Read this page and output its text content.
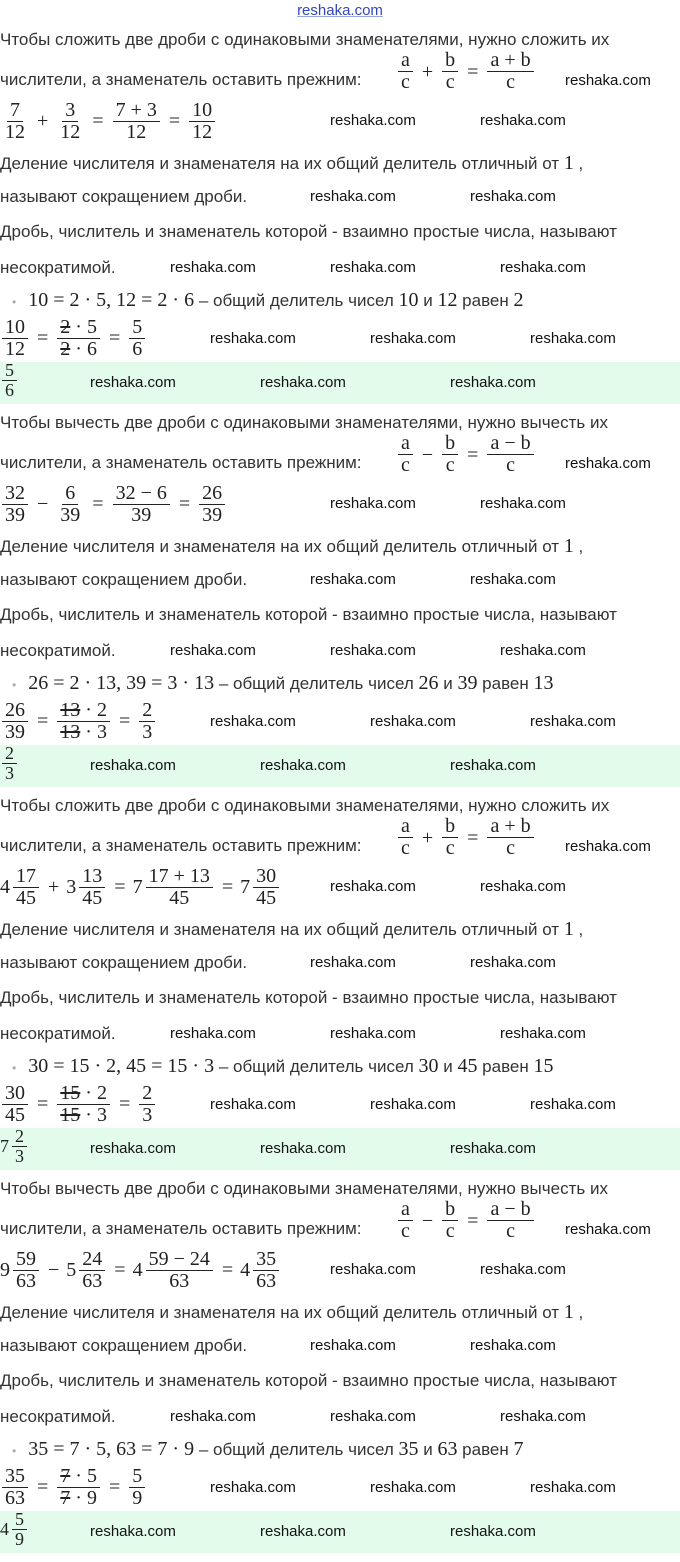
reshaka.com
Чтобы сложить две дроби с одинаковыми знаменателями, нужно сложить их
числители, а знаменатель оставить прежним: $\frac{a}{c} + \frac{b}{c} = \frac{a + b}{c}$
$\frac{7}{12} + \frac{3}{12} = \frac{7 + 3}{12} = \frac{10}{12}$
Деление числителя и знаменателя на их общий делитель отличный от 1 ,
называют сокращением дроби.
Дробь, числитель и знаменатель которой - взаимно простые числа, называют
несократимой.
• 10 = 2 · 5, 12 = 2 · 6 – общий делитель чисел 10 и 12 равен 2
$\frac{10}{12} = \frac{2 \cdot 5}{2 \cdot 6} = \frac{5}{6}$
$\frac{5}{6}$
reshaka.com
reshaka.com	reshaka.com
reshaka.com	reshaka.com
reshaka.com	reshaka.com	reshaka.com
reshaka.com	reshaka.com	reshaka.com
reshaka.com	reshaka.com	reshaka.com
Чтобы вычесть две дроби с одинаковыми знаменателями, нужно вычесть их
числители, а знаменатель оставить прежним: $\frac{a}{c} - \frac{b}{c} = \frac{a - b}{c}$
$\frac{32}{39} - \frac{6}{39} = \frac{32 - 6}{39} = \frac{26}{39}$
Деление числителя и знаменателя на их общий делитель отличный от 1 ,
называют сокращением дроби.
Дробь, числитель и знаменатель которой - взаимно простые числа, называют
несократимой.
• 26 = 2 · 13, 39 = 3 · 13 – общий делитель чисел 26 и 39 равен 13
$\frac{26}{39} = \frac{13 \cdot 2}{13 \cdot 3} = \frac{2}{3}$
$\frac{2}{3}$
reshaka.com
reshaka.com	reshaka.com
reshaka.com	reshaka.com
reshaka.com	reshaka.com	reshaka.com
reshaka.com	reshaka.com	reshaka.com
reshaka.com	reshaka.com	reshaka.com
Чтобы сложить две дроби с одинаковыми знаменателями, нужно сложить их
числители, а знаменатель оставить прежним: $\frac{a}{c} + \frac{b}{c} = \frac{a + b}{c}$
$4 \frac{17}{45} + 3 \frac{13}{45} = 7 \frac{17 + 13}{45} = 7 \frac{30}{45}$
Деление числителя и знаменателя на их общий делитель отличный от 1 ,
называют сокращением дроби.
Дробь, числитель и знаменатель которой - взаимно простые числа, называют
несократимой.
• 30 = 15 · 2, 45 = 15 · 3 – общий делитель чисел 30 и 45 равен 15
$\frac{30}{45} = \frac{15 \cdot 2}{15 \cdot 3} = \frac{2}{3}$
$7 \frac{2}{3}$
reshaka.com
reshaka.com	reshaka.com
reshaka.com	reshaka.com
reshaka.com	reshaka.com	reshaka.com
reshaka.com	reshaka.com	reshaka.com
reshaka.com	reshaka.com	reshaka.com
Чтобы вычесть две дроби с одинаковыми знаменателями, нужно вычесть их
числители, а знаменатель оставить прежним: $\frac{a}{c} - \frac{b}{c} = \frac{a - b}{c}$
$9 \frac{59}{63} - 5 \frac{24}{63} = 4 \frac{59 - 24}{63} = 4 \frac{35}{63}$
Деление числителя и знаменателя на их общий делитель отличный от 1 ,
называют сокращением дроби.
Дробь, числитель и знаменатель которой - взаимно простые числа, называют
несократимой.
• 35 = 7 · 5, 63 = 7 · 9 – общий делитель чисел 35 и 63 равен 7
$\frac{35}{63} = \frac{7 \cdot 5}{7 \cdot 9} = \frac{5}{9}$
$4 \frac{5}{9}$
reshaka.com
reshaka.com	reshaka.com
reshaka.com	reshaka.com
reshaka.com	reshaka.com	reshaka.com
reshaka.com	reshaka.com	reshaka.com
reshaka.com	reshaka.com	reshaka.com
